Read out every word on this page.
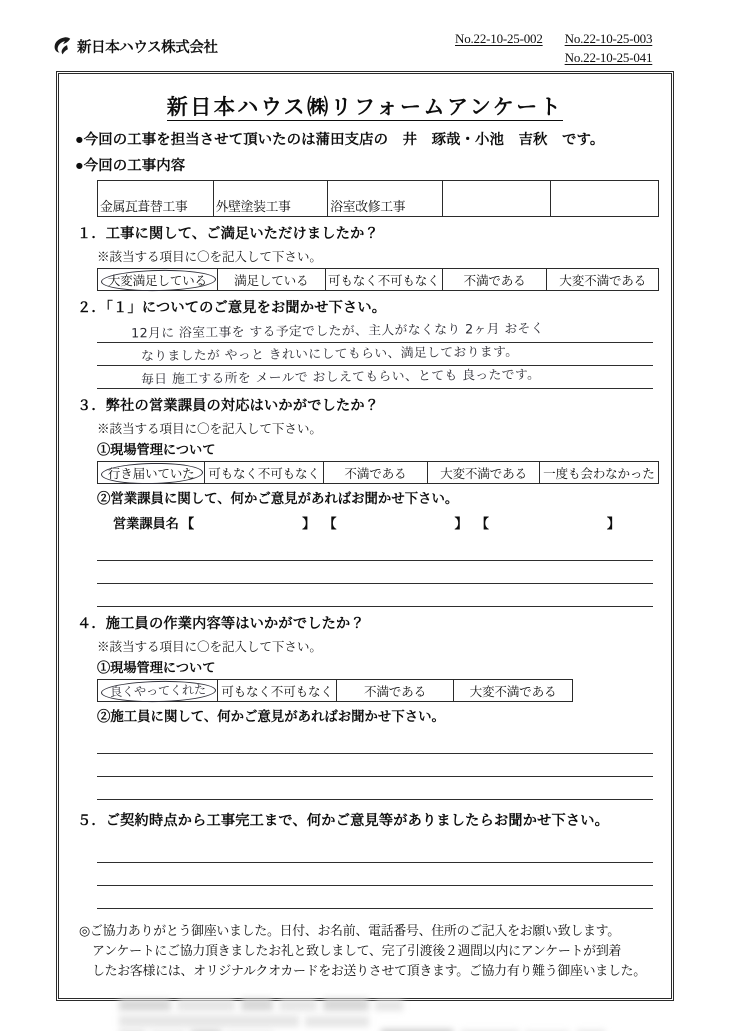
新日本ハウス株式会社
No.22-10-25-002 No.22-10-25-003
No.22-10-25-041
新日本ハウス㈱リフォームアンケート
●今回の工事を担当させて頂いたのは蒲田支店の　井　琢哉・小池　吉秋　です。
●今回の工事内容
金属瓦葺替工事	外壁塗装工事	浴室改修工事		
１．工事に関して、ご満足いただけましたか？
※該当する項目に〇を記入して下さい。
大変満足している	満足している	可もなく不可もなく	不満である	大変不満である
２．「１」についてのご意見をお聞かせ下さい。
12月に 浴室工事を する予定でしたが、主人がなくなり 2ヶ月 おそく
なりましたが やっと きれいにしてもらい、満足しております。
毎日 施工する所を メールで おしえてもらい、とても 良ったです。
３．弊社の営業課員の対応はいかがでしたか？
※該当する項目に〇を記入して下さい。
①現場管理について
行き届いていた	可もなく不可もなく	不満である	大変不満である	一度も会わなかった
②営業課員に関して、何かご意見があればお聞かせ下さい。
営業課員名 【	】 【	】 【	】
４．施工員の作業内容等はいかがでしたか？
※該当する項目に〇を記入して下さい。
①現場管理について
良くやってくれた	可もなく不可もなく	不満である	大変不満である
②施工員に関して、何かご意見があればお聞かせ下さい。
５．ご契約時点から工事完工まで、何かご意見等がありましたらお聞かせ下さい。
◎ご協力ありがとう御座いました。日付、お名前、電話番号、住所のご記入をお願い致します。
アンケートにご協力頂きましたお礼と致しまして、完了引渡後２週間以内にアンケートが到着
したお客様には、オリジナルクオカードをお送りさせて頂きます。ご協力有り難う御座いました。
